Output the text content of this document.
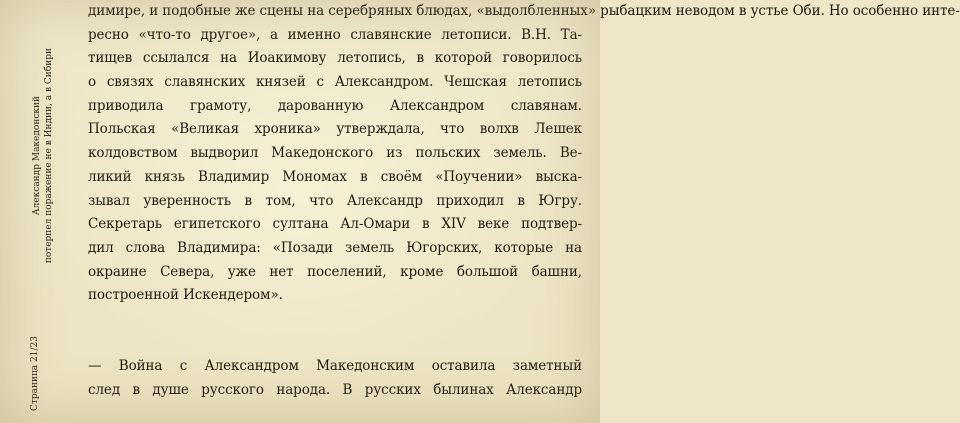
Страница 21/23
Александр Македонский потерпел поражение не в Индии, а в Сибири
димире, и подобные же сцены на серебряных блюдах, «выдолбленных» рыбацким неводом в устье Оби. Но особенно инте-
ресно «что-то другое», а именно славянские летописи. В.Н. Та-
тищев ссылался на Иоакимову летопись, в которой говорилось
о связях славянских князей с Александром. Чешская летопись
приводила грамоту, дарованную Александром славянам.
Польская «Великая хроника» утверждала, что волхв Лешек
колдовством выдворил Македонского из польских земель. Ве-
ликий князь Владимир Мономах в своём «Поучении» выска-
зывал уверенность в том, что Александр приходил в Югру.
Секретарь египетского султана Ал-Омари в XIV веке подтвер-
дил слова Владимира: «Позади земель Югорских, которые на
окраине Севера, уже нет поселений, кроме большой башни,
построенной Искендером».
— Война с Александром Македонским оставила заметный
след в душе русского народа. В русских былинах Александр
